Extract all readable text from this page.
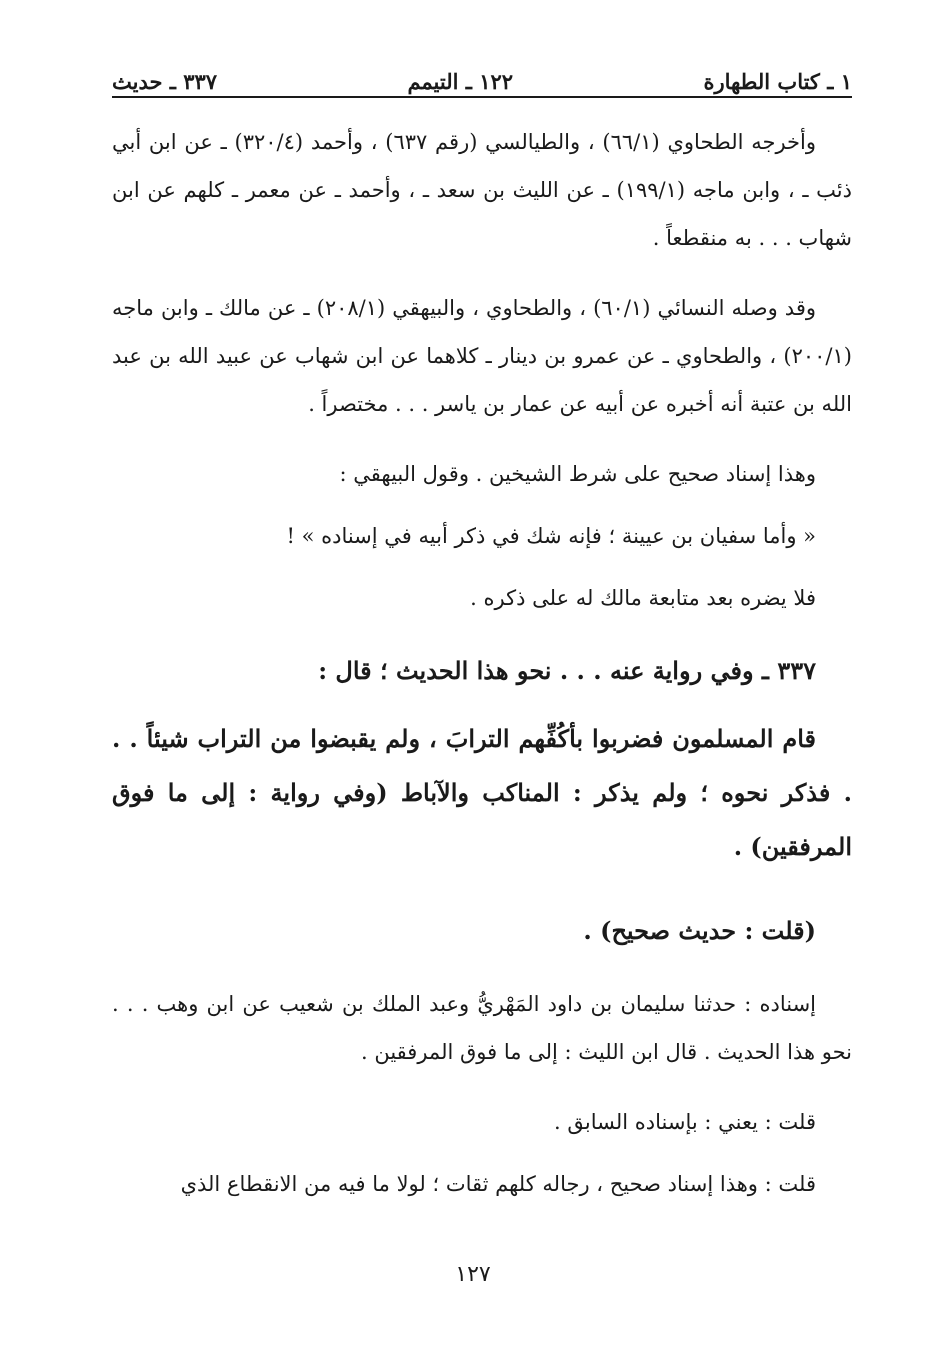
١ ـ كتاب الطهارة
١٢٢ ـ التيمم
٣٣٧ ـ حديث

وأخرجه الطحاوي (٦٦/١) ، والطيالسي (رقم ٦٣٧) ، وأحمد (٣٢٠/٤) ـ عن ابن أبي ذئب ـ ، وابن ماجه (١٩٩/١) ـ عن الليث بن سعد ـ ، وأحمد ـ عن معمر ـ كلهم عن ابن شهاب . . . به منقطعاً .

وقد وصله النسائي (٦٠/١) ، والطحاوي ، والبيهقي (٢٠٨/١) ـ عن مالك ـ وابن ماجه (٢٠٠/١) ، والطحاوي ـ عن عمرو بن دينار ـ كلاهما عن ابن شهاب عن عبيد الله بن عبد الله بن عتبة أنه أخبره عن أبيه عن عمار بن ياسر . . . مختصراً .

وهذا إسناد صحيح على شرط الشيخين . وقول البيهقي :

« وأما سفيان بن عيينة ؛ فإنه شك في ذكر أبيه في إسناده » !

فلا يضره بعد متابعة مالك له على ذكره .

٣٣٧ ـ وفي رواية عنه . . . نحو هذا الحديث ؛ قال :

قام المسلمون فضربوا بأكُفِّهم الترابَ ، ولم يقبضوا من التراب شيئاً . . . فذكر نحوه ؛ ولم يذكر : المناكب والآباط (وفي رواية : إلى ما فوق المرفقين) .

(قلت : حديث صحيح) .

إسناده : حدثنا سليمان بن داود المَهْريُّ وعبد الملك بن شعيب عن ابن وهب . . . نحو هذا الحديث . قال ابن الليث : إلى ما فوق المرفقين .

قلت : يعني : بإسناده السابق .

قلت : وهذا إسناد صحيح ، رجاله كلهم ثقات ؛ لولا ما فيه من الانقطاع الذي

١٢٧
